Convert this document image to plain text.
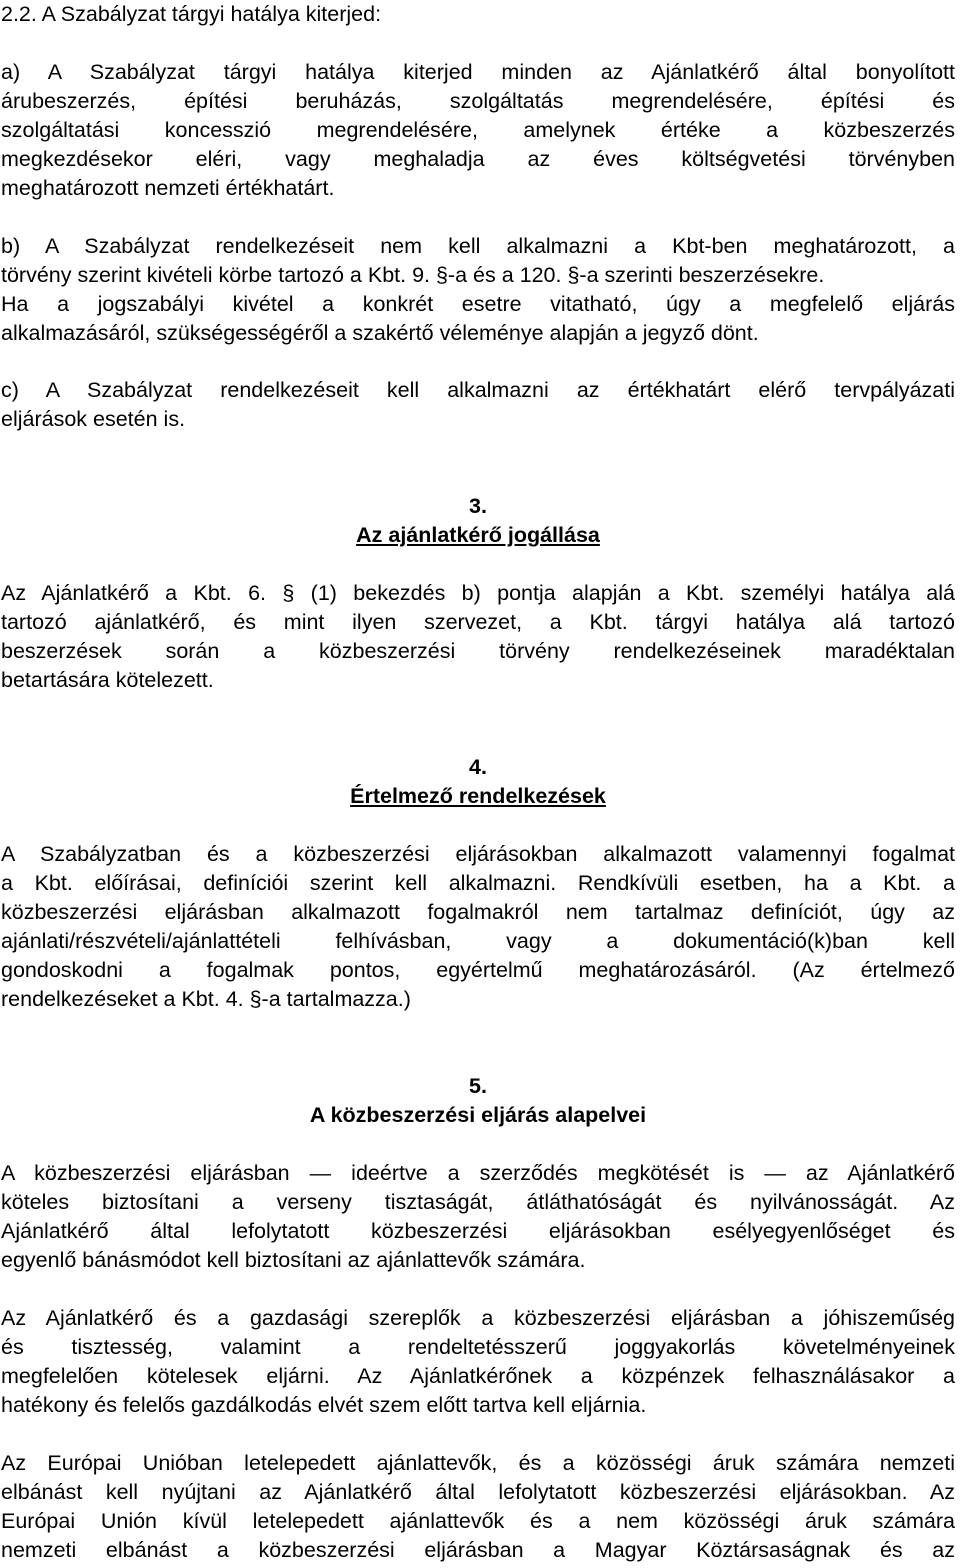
2.2. A Szabályzat tárgyi hatálya kiterjed:
a) A Szabályzat tárgyi hatálya kiterjed minden az Ajánlatkérő által bonyolított
árubeszerzés, építési beruházás, szolgáltatás megrendelésére, építési és
szolgáltatási koncesszió megrendelésére, amelynek értéke a közbeszerzés
megkezdésekor eléri, vagy meghaladja az éves költségvetési törvényben
meghatározott nemzeti értékhatárt.
b) A Szabályzat rendelkezéseit nem kell alkalmazni a Kbt-ben meghatározott, a
törvény szerint kivételi körbe tartozó a Kbt. 9. §-a és a 120. §-a szerinti beszerzésekre.
Ha a jogszabályi kivétel a konkrét esetre vitatható, úgy a megfelelő eljárás
alkalmazásáról, szükségességéről a szakértő véleménye alapján a jegyző dönt.
c) A Szabályzat rendelkezéseit kell alkalmazni az értékhatárt elérő tervpályázati
eljárások esetén is.
3.
Az ajánlatkérő jogállása
Az Ajánlatkérő a Kbt. 6. § (1) bekezdés b) pontja alapján a Kbt. személyi hatálya alá
tartozó ajánlatkérő, és mint ilyen szervezet, a Kbt. tárgyi hatálya alá tartozó
beszerzések során a közbeszerzési törvény rendelkezéseinek maradéktalan
betartására kötelezett.
4.
Értelmező rendelkezések
A Szabályzatban és a közbeszerzési eljárásokban alkalmazott valamennyi fogalmat
a Kbt. előírásai, definíciói szerint kell alkalmazni. Rendkívüli esetben, ha a Kbt. a
közbeszerzési eljárásban alkalmazott fogalmakról nem tartalmaz definíciót, úgy az
ajánlati/részvételi/ajánlattételi felhívásban, vagy a dokumentáció(k)ban kell
gondoskodni a fogalmak pontos, egyértelmű meghatározásáról. (Az értelmező
rendelkezéseket a Kbt. 4. §-a tartalmazza.)
5.
A közbeszerzési eljárás alapelvei
A közbeszerzési eljárásban — ideértve a szerződés megkötését is — az Ajánlatkérő
köteles biztosítani a verseny tisztaságát, átláthatóságát és nyilvánosságát. Az
Ajánlatkérő által lefolytatott közbeszerzési eljárásokban esélyegyenlőséget és
egyenlő bánásmódot kell biztosítani az ajánlattevők számára.
Az Ajánlatkérő és a gazdasági szereplők a közbeszerzési eljárásban a jóhiszeműség
és tisztesség, valamint a rendeltetésszerű joggyakorlás követelményeinek
megfelelően kötelesek eljárni. Az Ajánlatkérőnek a közpénzek felhasználásakor a
hatékony és felelős gazdálkodás elvét szem előtt tartva kell eljárnia.
Az Európai Unióban letelepedett ajánlattevők, és a közösségi áruk számára nemzeti
elbánást kell nyújtani az Ajánlatkérő által lefolytatott közbeszerzési eljárásokban. Az
Európai Unión kívül letelepedett ajánlattevők és a nem közösségi áruk számára
nemzeti elbánást a közbeszerzési eljárásban a Magyar Köztársaságnak és az
